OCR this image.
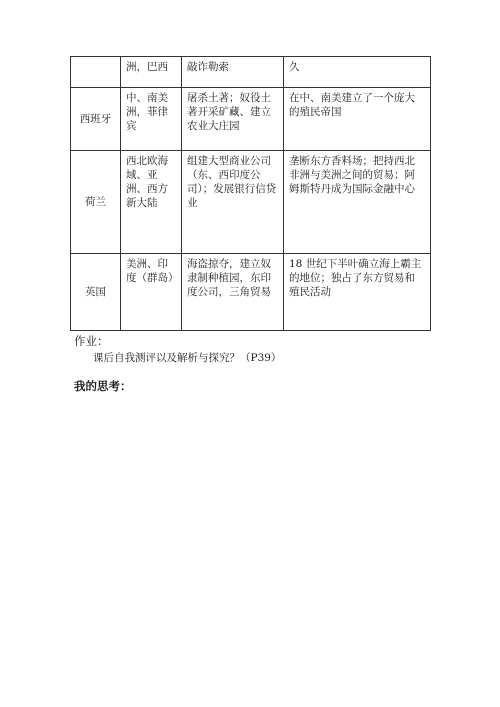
	洲，巴西	敲诈勒索	久
西班牙	中、南美洲，菲律宾	屠杀土著；奴役土著开采矿藏、建立农业大庄园	在中、南美建立了一个庞大的殖民帝国
荷兰	西北欧海域、亚洲、西方新大陆	组建大型商业公司（东、西印度公司）；发展银行信贷业	垄断东方香料场；把持西北非洲与美洲之间的贸易；阿姆斯特丹成为国际金融中心
英国	美洲、印度（群岛）	海盗掠夺，建立奴隶制种植园，东印度公司，三角贸易	18 世纪下半叶确立海上霸主的地位；独占了东方贸易和殖民活动

作业：

课后自我测评以及解析与探究？（P39）

我的思考：
